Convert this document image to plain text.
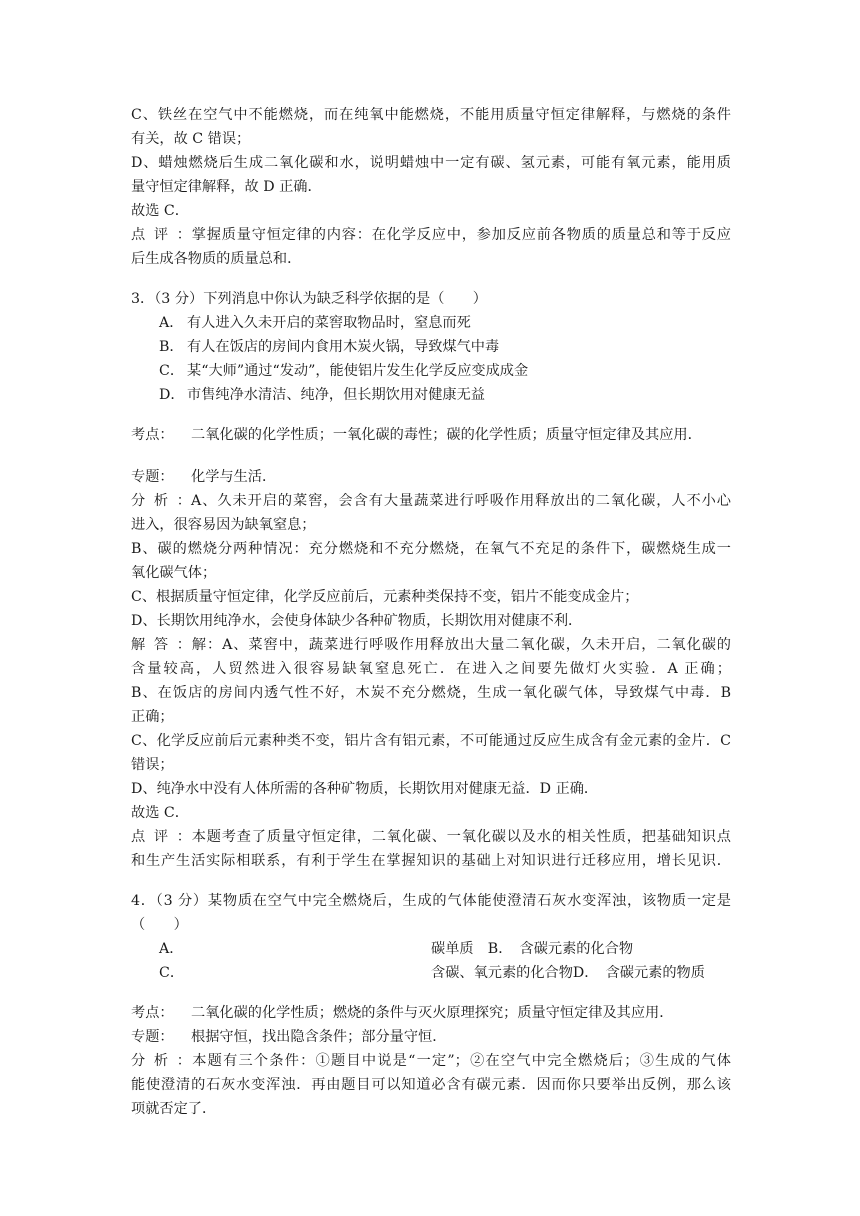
C、铁丝在空气中不能燃烧，而在纯氧中能燃烧，不能用质量守恒定律解释，与燃烧的条件
有关，故 C 错误；
D、蜡烛燃烧后生成二氧化碳和水，说明蜡烛中一定有碳、氢元素，可能有氧元素，能用质
量守恒定律解释，故 D 正确．
故选 C．
点评：掌握质量守恒定律的内容：在化学反应中，参加反应前各物质的质量总和等于反应
后生成各物质的质量总和．
3．（3 分）下列消息中你认为缺乏科学依据的是（　　）
A． 有人进入久未开启的菜窖取物品时，窒息而死
B． 有人在饭店的房间内食用木炭火锅，导致煤气中毒
C． 某“大师”通过“发动”，能使铝片发生化学反应变成成金
D． 市售纯净水清洁、纯净，但长期饮用对健康无益
考点： 二氧化碳的化学性质；一氧化碳的毒性；碳的化学性质；质量守恒定律及其应用．
专题： 化学与生活．
分析：A、久未开启的菜窖，会含有大量蔬菜进行呼吸作用释放出的二氧化碳，人不小心
进入，很容易因为缺氧窒息；
B、碳的燃烧分两种情况：充分燃烧和不充分燃烧，在氧气不充足的条件下，碳燃烧生成一
氧化碳气体；
C、根据质量守恒定律，化学反应前后，元素种类保持不变，铝片不能变成金片；
D、长期饮用纯净水，会使身体缺少各种矿物质，长期饮用对健康不利．
解答：解：A、菜窖中，蔬菜进行呼吸作用释放出大量二氧化碳，久未开启，二氧化碳的
含量较高，人贸然进入很容易缺氧窒息死亡．在进入之间要先做灯火实验．A 正确；
B、在饭店的房间内透气性不好，木炭不充分燃烧，生成一氧化碳气体，导致煤气中毒．B
正确；
C、化学反应前后元素种类不变，铝片含有铝元素，不可能通过反应生成含有金元素的金片．C
错误；
D、纯净水中没有人体所需的各种矿物质，长期饮用对健康无益．D 正确．
故选 C．
点评：本题考查了质量守恒定律，二氧化碳、一氧化碳以及水的相关性质，把基础知识点
和生产生活实际相联系，有利于学生在掌握知识的基础上对知识进行迁移应用，增长见识．
4．（3 分）某物质在空气中完全燃烧后，生成的气体能使澄清石灰水变浑浊，该物质一定是
（　　）
A．	碳单质　 B．  含碳元素的化合物
C．	含碳、氧元素的化合物D．  含碳元素的物质
考点： 二氧化碳的化学性质；燃烧的条件与灭火原理探究；质量守恒定律及其应用．
专题： 根据守恒，找出隐含条件；部分量守恒．
分析：本题有三个条件：①题目中说是“一定”；②在空气中完全燃烧后；③生成的气体
能使澄清的石灰水变浑浊．再由题目可以知道必含有碳元素．因而你只要举出反例，那么该
项就否定了．
